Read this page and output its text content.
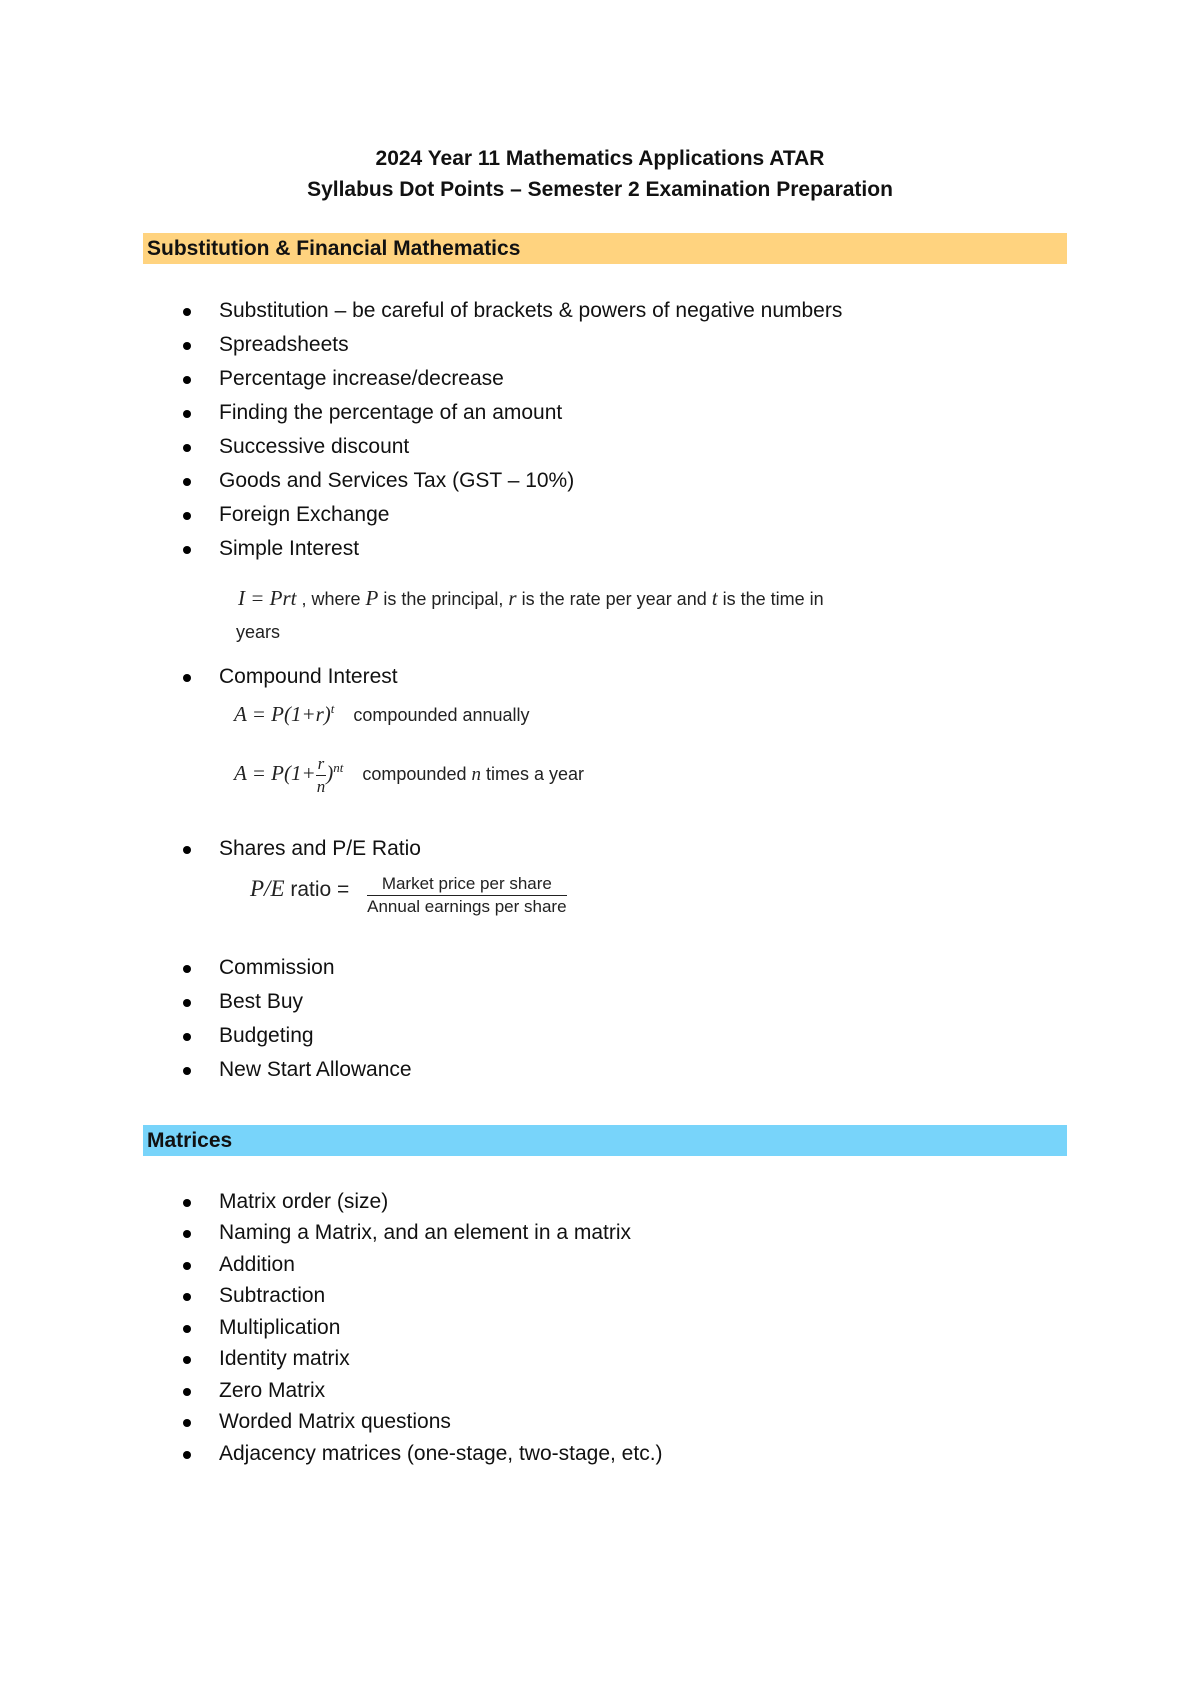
2024 Year 11 Mathematics Applications ATAR
Syllabus Dot Points – Semester 2 Examination Preparation
Substitution & Financial Mathematics
Substitution – be careful of brackets & powers of negative numbers
Spreadsheets
Percentage increase/decrease
Finding the percentage of an amount
Successive discount
Goods and Services Tax (GST – 10%)
Foreign Exchange
Simple Interest
Compound Interest
Shares and P/E Ratio
Commission
Best Buy
Budgeting
New Start Allowance
I = Prt , where P is the principal, r is the rate per year and t is the time in
years
$A = P(1+r)^t$ compounded annually
$A = P(1+ \frac{r}{n} )^{nt}$ compounded n times a year
P/E ratio = $\frac{\text{Market price per share}}{\text{Annual earnings per share}}$
Matrices
Matrix order (size)
Naming a Matrix, and an element in a matrix
Addition
Subtraction
Multiplication
Identity matrix
Zero Matrix
Worded Matrix questions
Adjacency matrices (one-stage, two-stage, etc.)
